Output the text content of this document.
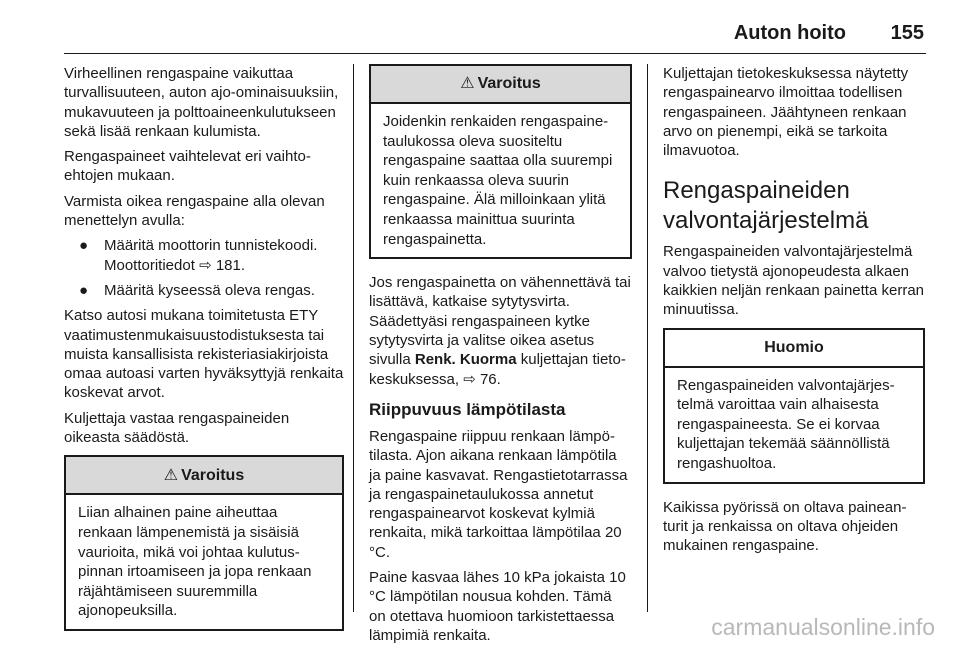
Auton hoito	155

Virheellinen rengaspaine vaikuttaa turvallisuuteen, auton ajo-ominaisuuksiin, mukavuuteen ja polttoaineenkulutukseen sekä lisää renkaan kulumista.

Rengaspaineet vaihtelevat eri vaihtoehtojen mukaan.

Varmista oikea rengaspaine alla olevan menettelyn avulla:

● Määritä moottorin tunnistekoodi. Moottoritiedot ⇨ 181.
● Määritä kyseessä oleva rengas.

Katso autosi mukana toimitetusta ETY vaatimustenmukaisuustodistuksesta tai muista kansallisista rekisteriasiakirjoista omaa autoasi varten hyväksyttyjä renkaita koskevat arvot.

Kuljettaja vastaa rengaspaineiden oikeasta säädöstä.

⚠ Varoitus
Liian alhainen paine aiheuttaa renkaan lämpenemistä ja sisäisiä vaurioita, mikä voi johtaa kulutuspinnan irtoamiseen ja jopa renkaan räjähtämiseen suuremmilla ajonopeuksilla.
⚠ Varoitus
Joidenkin renkaiden rengaspainetaulukossa oleva suositeltu rengaspaine saattaa olla suurempi kuin renkaassa oleva suurin rengaspaine. Älä milloinkaan ylitä renkaassa mainittua suurinta rengaspainetta.

Jos rengaspainetta on vähennettävä tai lisättävä, katkaise sytytysvirta. Säädettyäsi rengaspaineen kytke sytytysvirta ja valitse oikea asetus sivulla Renk. Kuorma kuljettajan tietokeskuksessa, ⇨ 76.

Riippuvuus lämpötilasta

Rengaspaine riippuu renkaan lämpötilasta. Ajon aikana renkaan lämpötila ja paine kasvavat. Rengastietotarrassa ja rengaspainetaulukossa annetut rengaspainearvot koskevat kylmiä renkaita, mikä tarkoittaa lämpötilaa 20 °C.

Paine kasvaa lähes 10 kPa jokaista 10 °C lämpötilan nousua kohden. Tämä on otettava huomioon tarkistettaessa lämpimiä renkaita.

Kuljettajan tietokeskuksessa näytetty rengaspainearvo ilmoittaa todellisen rengaspaineen. Jäähtyneen renkaan arvo on pienempi, eikä se tarkoita ilmavuotoa.

Rengaspaineiden valvontajärjestelmä

Rengaspaineiden valvontajärjestelmä valvoo tietystä ajonopeudesta alkaen kaikkien neljän renkaan painetta kerran minuutissa.

Huomio
Rengaspaineiden valvontajärjestelmä varoittaa vain alhaisesta rengaspaineesta. Se ei korvaa kuljettajan tekemää säännöllistä rengashuoltoa.

Kaikissa pyörissä on oltava paineanturit ja renkaissa on oltava ohjeiden mukainen rengaspaine.

carmanualsonline.info
